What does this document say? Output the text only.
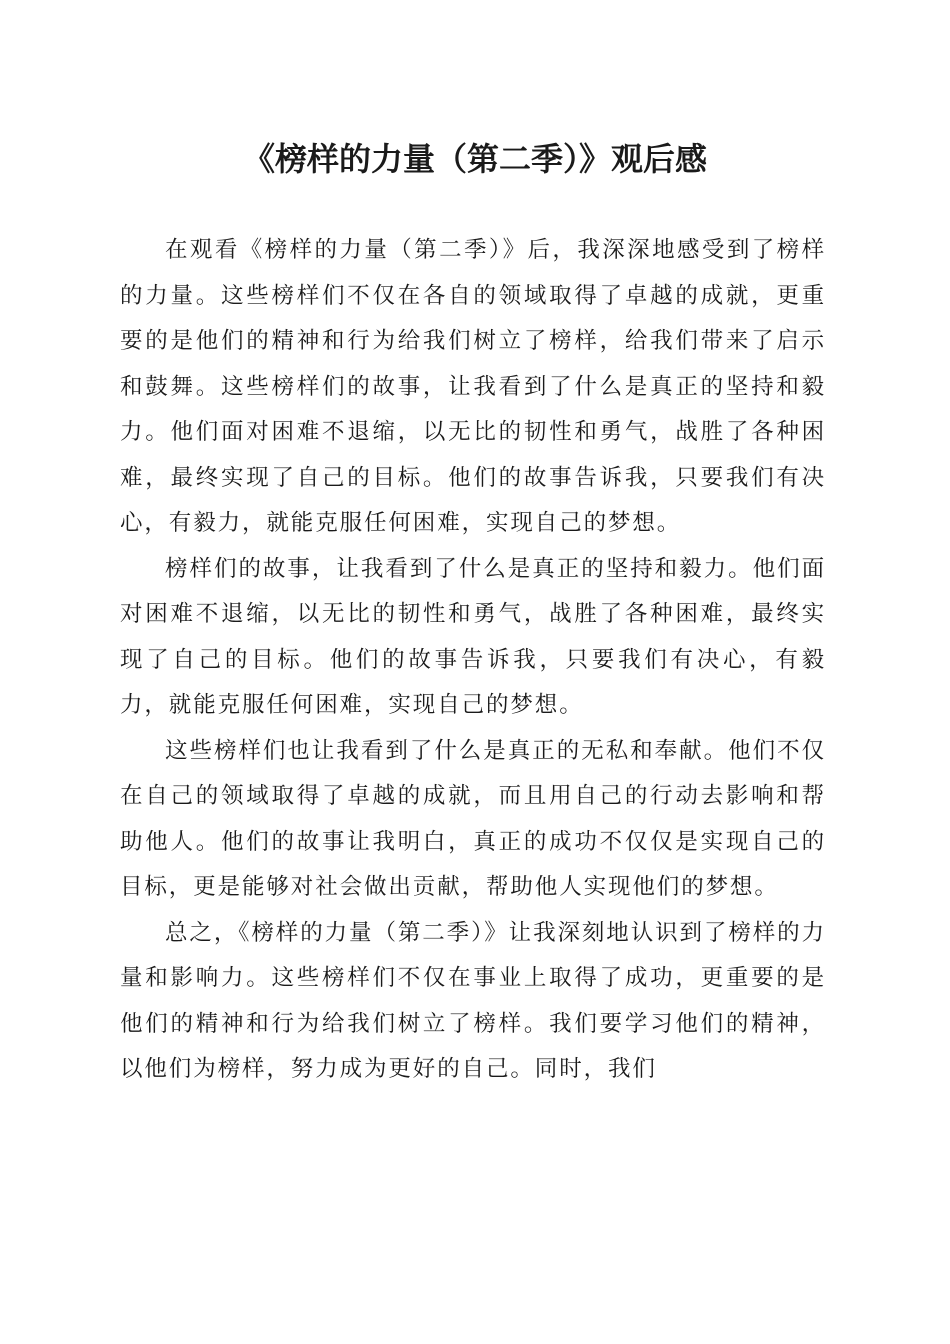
《榜样的力量（第二季）》观后感

在观看《榜样的力量（第二季）》后，我深深地感受到了榜样的力量。这些榜样们不仅在各自的领域取得了卓越的成就，更重要的是他们的精神和行为给我们树立了榜样，给我们带来了启示和鼓舞。这些榜样们的故事，让我看到了什么是真正的坚持和毅力。他们面对困难不退缩，以无比的韧性和勇气，战胜了各种困难，最终实现了自己的目标。他们的故事告诉我，只要我们有决心，有毅力，就能克服任何困难，实现自己的梦想。

榜样们的故事，让我看到了什么是真正的坚持和毅力。他们面对困难不退缩，以无比的韧性和勇气，战胜了各种困难，最终实现了自己的目标。他们的故事告诉我，只要我们有决心，有毅力，就能克服任何困难，实现自己的梦想。

这些榜样们也让我看到了什么是真正的无私和奉献。他们不仅在自己的领域取得了卓越的成就，而且用自己的行动去影响和帮助他人。他们的故事让我明白，真正的成功不仅仅是实现自己的目标，更是能够对社会做出贡献，帮助他人实现他们的梦想。

总之，《榜样的力量（第二季）》让我深刻地认识到了榜样的力量和影响力。这些榜样们不仅在事业上取得了成功，更重要的是他们的精神和行为给我们树立了榜样。我们要学习他们的精神，以他们为榜样，努力成为更好的自己。同时，我们
